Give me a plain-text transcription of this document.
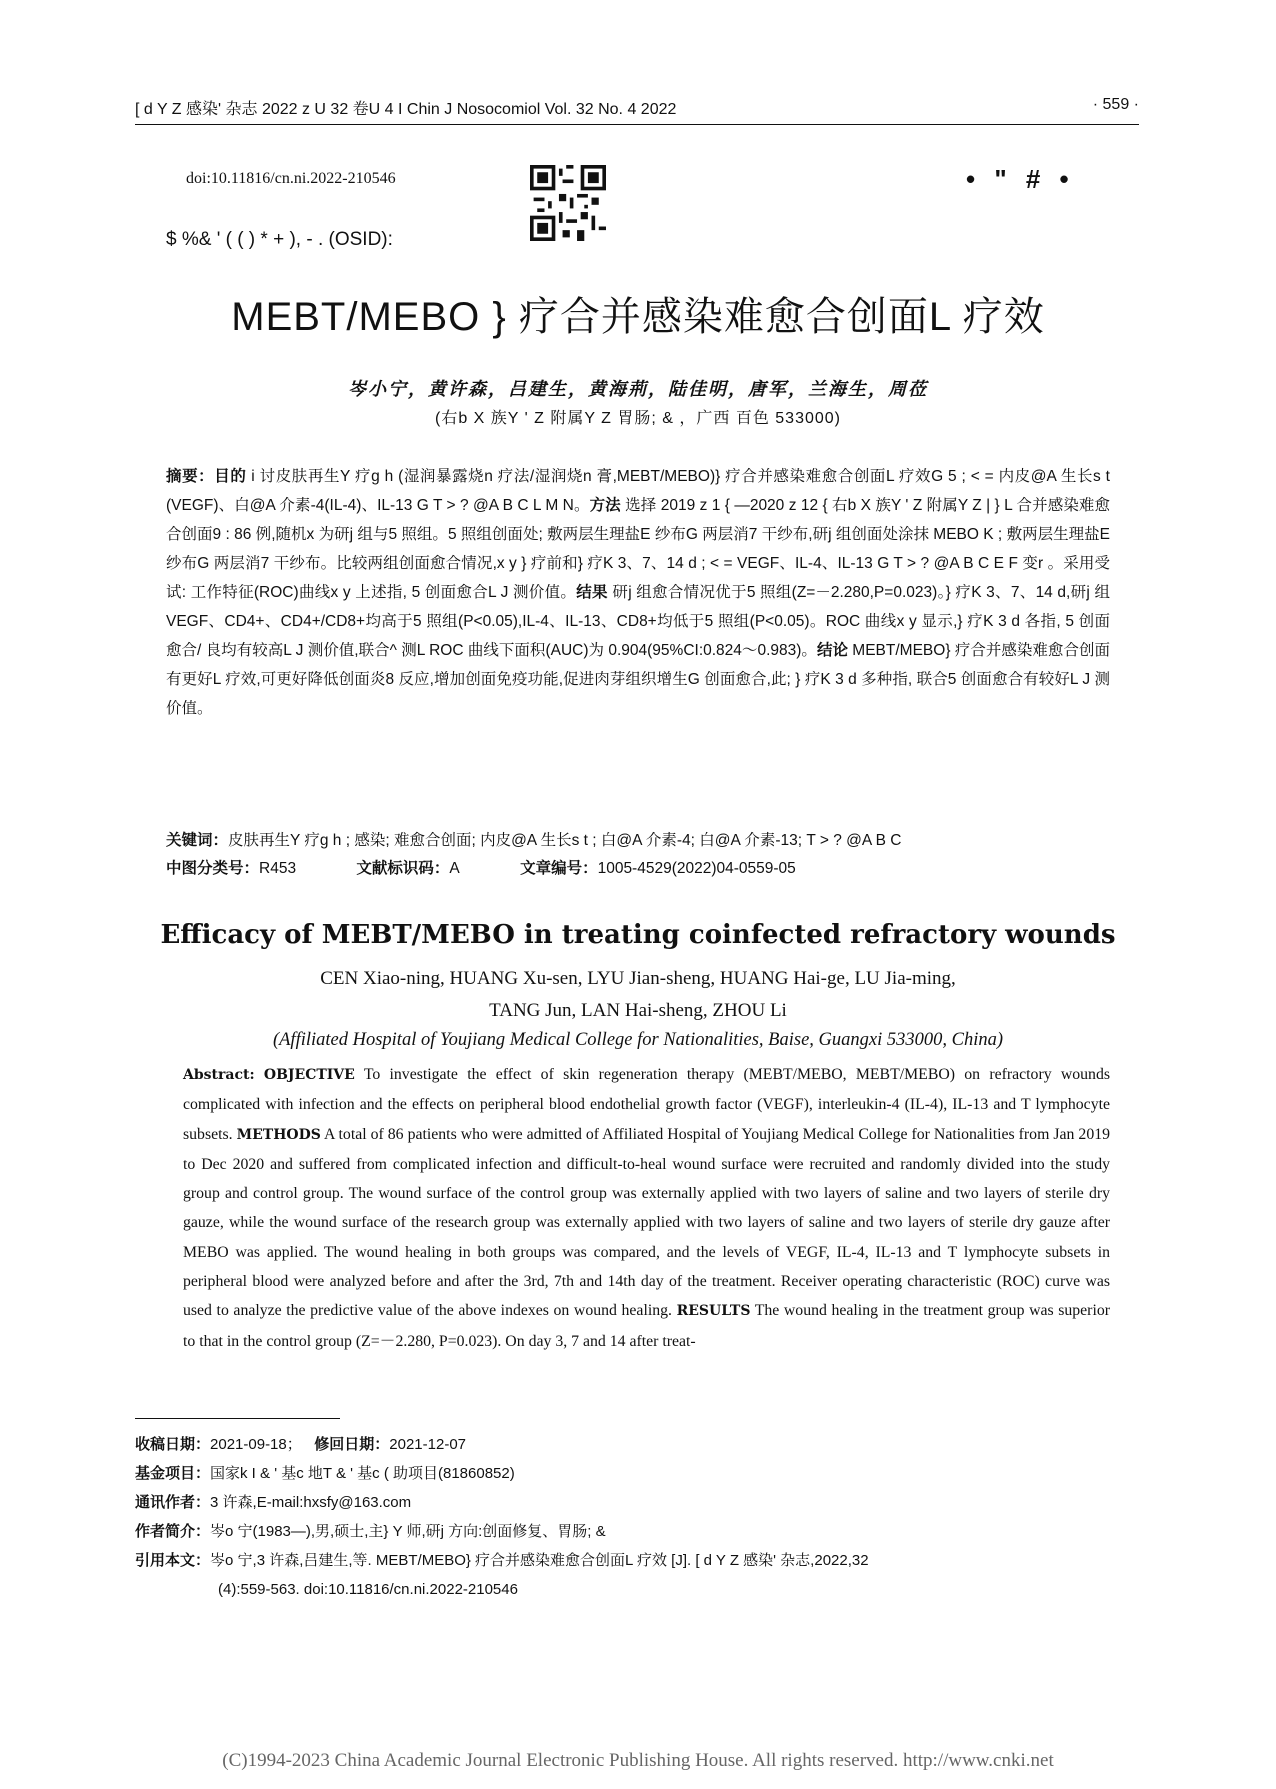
[ d Y Z 感染' 杂志 2022 z U 32 卷U 4 I Chin J Nosocomiol Vol. 32 No. 4 2022	· 559 ·
doi:10.11816/cn.ni.2022-210546
$ %& ' ( ( ) * + ), - . (OSID):
• " # •
MEBT/MEBO } 疗合并感染难愈合创面L 疗效
岑小宁，黄许森，吕建生，黄海荊，陆佳明，唐军，兰海生，周莅
(右b X 族Y ' Z 附属Y Z 胃肠; & ，广西 百色 533000)
摘要：目的 i 讨皮肤再生Y 疗g h (湿润暴露烧n 疗法/湿润烧n 膏,MEBT/MEBO)} 疗合并感染难愈合创面L 疗效G 5 ; < = 内皮@A 生长s t (VEGF)、白@A 介素-4(IL-4)、IL-13 G T > ? @A B C L M N。方法 选择 2019 z 1 { —2020 z 12 { 右b X 族Y ' Z 附属Y Z | } L 合并感染难愈合创面9 : 86 例,随机x 为研j 组与5 照组。5 照组创面处; 敷两层生理盐E 纱布G 两层消7 干纱布,研j 组创面处涂抹 MEBO K ; 敷两层生理盐E 纱布G 两层消7 干纱布。比较两组创面愈合情况,x y } 疗前和} 疗K 3、7、14 d ; < = VEGF、IL-4、IL-13 G T > ? @A B C E F 变r 。采用受试: 工作特征(ROC)曲线x y 上述指, 5 创面愈合L J 测价值。结果 研j 组愈合情况优于5 照组(Z=－2.280,P=0.023)。} 疗K 3、7、14 d,研j 组 VEGF、CD4+、CD4+/CD8+均高于5 照组(P<0.05),IL-4、IL-13、CD8+均低于5 照组(P<0.05)。ROC 曲线x y 显示,} 疗K 3 d 各指, 5 创面愈合/ 良均有较高L J 测价值,联合^ 测L ROC 曲线下面积(AUC)为 0.904(95%CI:0.824～0.983)。结论 MEBT/MEBO} 疗合并感染难愈合创面有更好L 疗效,可更好降低创面炎8 反应,增加创面免疫功能,促进肉芽组织增生G 创面愈合,此; } 疗K 3 d 多种指, 联合5 创面愈合有较好L J 测价值。
关键词：皮肤再生Y 疗g h ; 感染; 难愈合创面; 内皮@A 生长s t ; 白@A 介素-4; 白@A 介素-13; T > ? @A B C
中图分类号：R453	文献标识码：A	文章编号：1005-4529(2022)04-0559-05
Efficacy of MEBT/MEBO in treating coinfected refractory wounds
CEN Xiao-ning, HUANG Xu-sen, LYU Jian-sheng, HUANG Hai-ge, LU Jia-ming,
TANG Jun, LAN Hai-sheng, ZHOU Li
(Affiliated Hospital of Youjiang Medical College for Nationalities, Baise, Guangxi 533000, China)
Abstract: OBJECTIVE To investigate the effect of skin regeneration therapy (MEBT/MEBO, MEBT/MEBO) on refractory wounds complicated with infection and the effects on peripheral blood endothelial growth factor (VEGF), interleukin-4 (IL-4), IL-13 and T lymphocyte subsets. METHODS A total of 86 patients who were admitted of Affiliated Hospital of Youjiang Medical College for Nationalities from Jan 2019 to Dec 2020 and suffered from complicated infection and difficult-to-heal wound surface were recruited and randomly divided into the study group and control group. The wound surface of the control group was externally applied with two layers of saline and two layers of sterile dry gauze, while the wound surface of the research group was externally applied with two layers of saline and two layers of sterile dry gauze after MEBO was applied. The wound healing in both groups was compared, and the levels of VEGF, IL-4, IL-13 and T lymphocyte subsets in peripheral blood were analyzed before and after the 3rd, 7th and 14th day of the treatment. Receiver operating characteristic (ROC) curve was used to analyze the predictive value of the above indexes on wound healing. RESULTS The wound healing in the treatment group was superior to that in the control group (Z=－2.280, P=0.023). On day 3, 7 and 14 after treat-
收稿日期：2021-09-18； 修回日期：2021-12-07
基金项目：国家k I & ' 基c 地T & ' 基c ( 助项目(81860852)
通讯作者：3 许森,E-mail:hxsfy@163.com
作者简介：岑o 宁(1983—),男,硕士,主} Y 师,研j 方向:创面修复、胃肠; &
引用本文：岑o 宁,3 许森,吕建生,等. MEBT/MEBO} 疗合并感染难愈合创面L 疗效 [J]. [ d Y Z 感染' 杂志,2022,32
(4):559-563. doi:10.11816/cn.ni.2022-210546
(C)1994-2023 China Academic Journal Electronic Publishing House. All rights reserved. http://www.cnki.net
